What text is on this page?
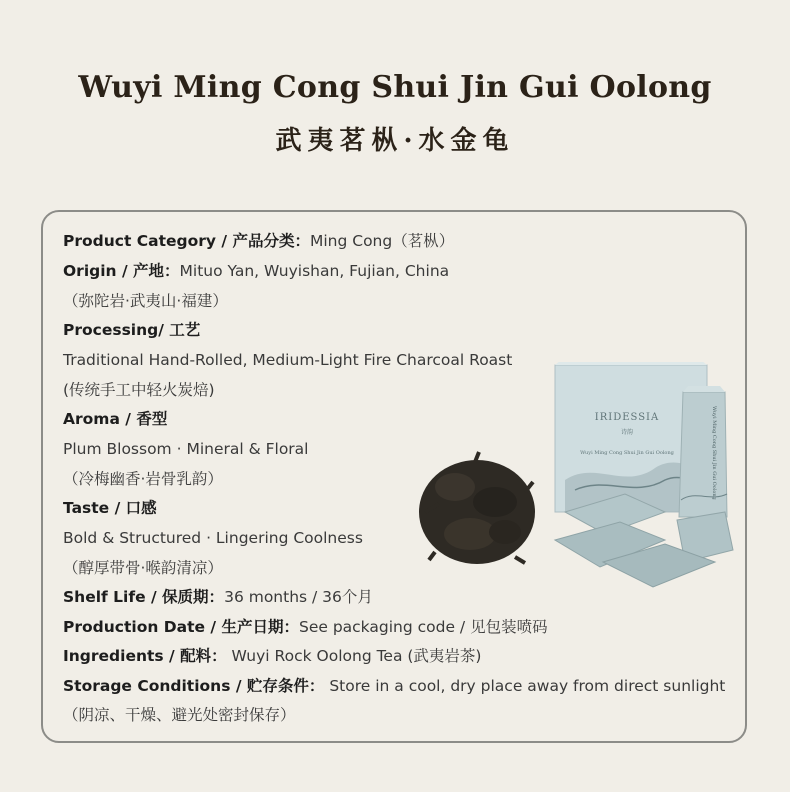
Wuyi Ming Cong Shui Jin Gui Oolong
武夷茗枞·水金龟
Product Category / 产品分类：Ming Cong（茗枞）
Origin / 产地：Mituo Yan, Wuyishan, Fujian, China
（弥陀岩·武夷山·福建）
Processing/ 工艺
Traditional Hand-Rolled, Medium-Light Fire Charcoal Roast
(传统手工中轻火炭焙)
Aroma / 香型
Plum Blossom · Mineral & Floral
（冷梅幽香·岩骨乳韵）
Taste / 口感
Bold & Structured · Lingering Coolness
（醇厚带骨·喉韵清凉）
Shelf Life / 保质期：36 months / 36个月
Production Date / 生产日期：See packaging code / 见包装喷码
Ingredients / 配料： Wuyi Rock Oolong Tea (武夷岩茶)
Storage Conditions / 贮存条件： Store in a cool, dry place away from direct sunlight
（阴凉、干燥、避光处密封保存）
IRIDESSIA
诗韵
Wuyi Ming Cong Shui Jin Gui Oolong	Wuyi Ming Cong Shui Jin Gui Oolong
